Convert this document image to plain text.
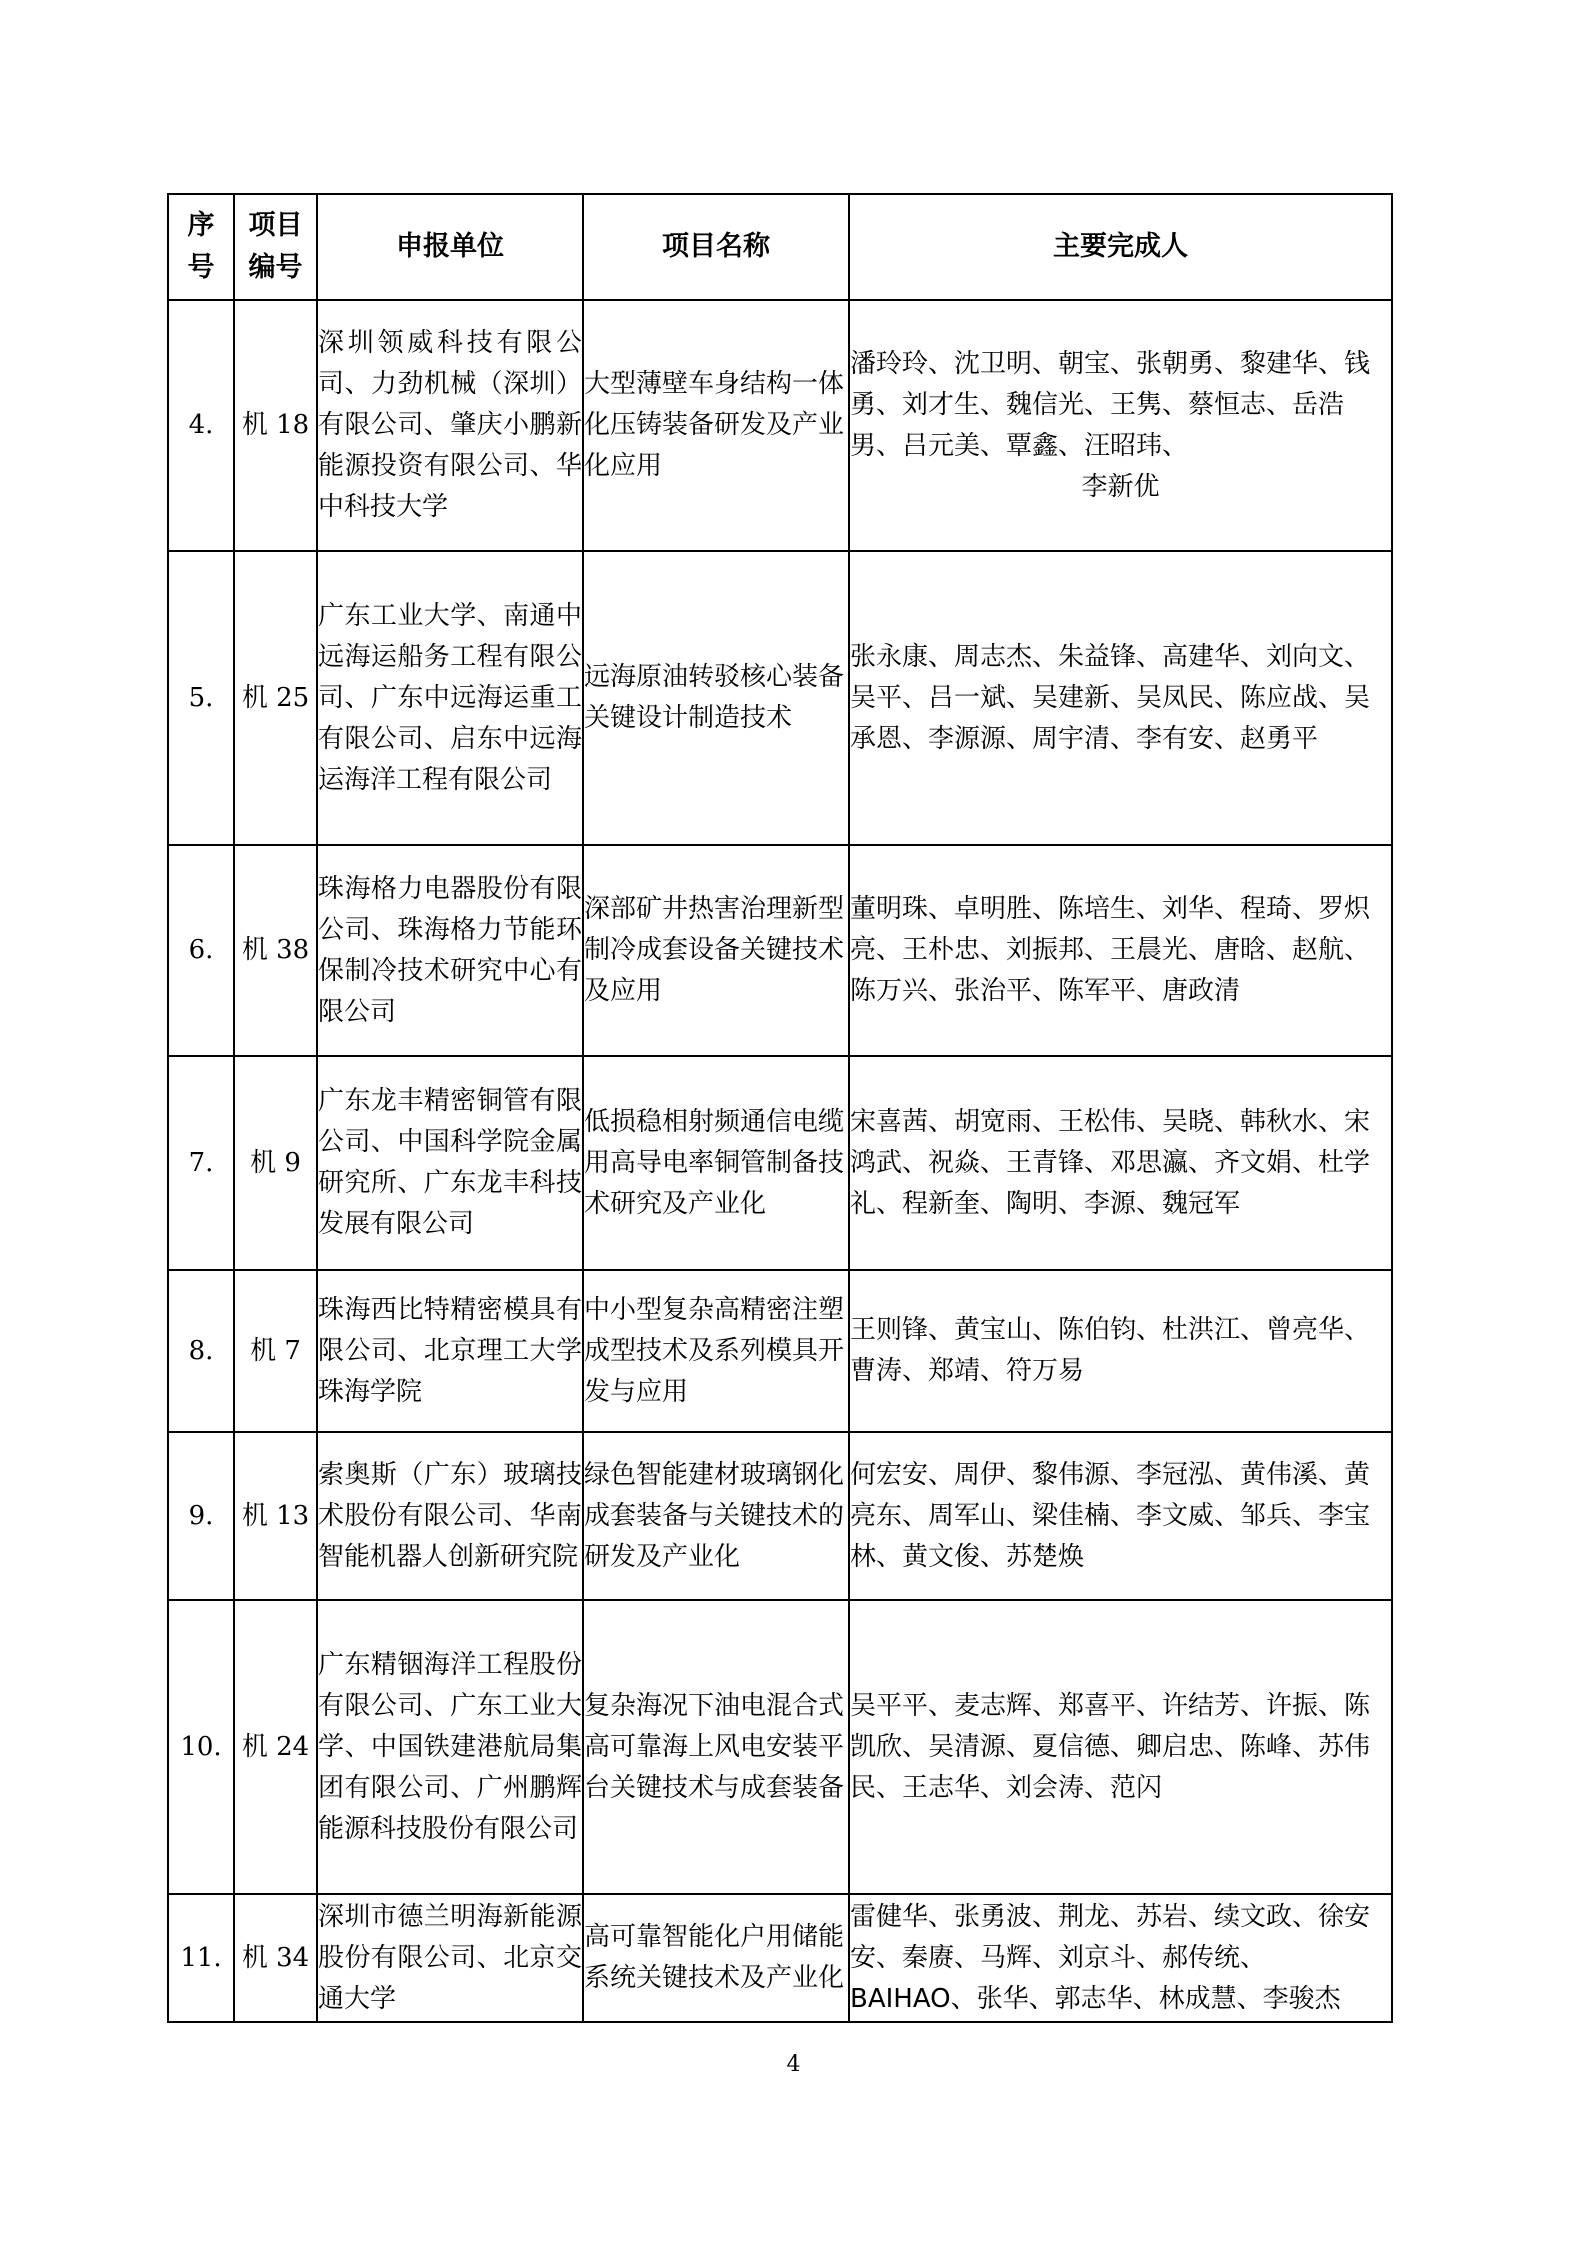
序号	项目编号	申报单位	项目名称	主要完成人

4.	机 18	深圳领威科技有限公司、力劲机械（深圳）有限公司、肇庆小鹏新能源投资有限公司、华中科技大学	大型薄壁车身结构一体化压铸装备研发及产业化应用	潘玲玲、沈卫明、朝宝、张朝勇、黎建华、钱勇、刘才生、魏信光、王隽、蔡恒志、岳浩男、吕元美、覃鑫、汪昭玮、
李新优

5.	机 25	广东工业大学、南通中远海运船务工程有限公司、广东中远海运重工有限公司、启东中远海运海洋工程有限公司	远海原油转驳核心装备关键设计制造技术	张永康、周志杰、朱益锋、高建华、刘向文、吴平、吕一斌、吴建新、吴凤民、陈应战、吴承恩、李源源、周宇清、李有安、赵勇平

6.	机 38	珠海格力电器股份有限公司、珠海格力节能环保制冷技术研究中心有限公司	深部矿井热害治理新型制冷成套设备关键技术及应用	董明珠、卓明胜、陈培生、刘华、程琦、罗炽亮、王朴忠、刘振邦、王晨光、唐晗、赵航、陈万兴、张治平、陈军平、唐政清

7.	机 9	广东龙丰精密铜管有限公司、中国科学院金属研究所、广东龙丰科技发展有限公司	低损稳相射频通信电缆用高导电率铜管制备技术研究及产业化	宋喜茜、胡宽雨、王松伟、吴晓、韩秋水、宋鸿武、祝焱、王青锋、邓思瀛、齐文娟、杜学礼、程新奎、陶明、李源、魏冠军

8.	机 7	珠海西比特精密模具有限公司、北京理工大学珠海学院	中小型复杂高精密注塑成型技术及系列模具开发与应用	王则锋、黄宝山、陈伯钧、杜洪江、曾亮华、曹涛、郑靖、符万易

9.	机 13	索奥斯（广东）玻璃技术股份有限公司、华南智能机器人创新研究院	绿色智能建材玻璃钢化成套装备与关键技术的研发及产业化	何宏安、周伊、黎伟源、李冠泓、黄伟溪、黄亮东、周军山、梁佳楠、李文威、邹兵、李宝林、黄文俊、苏楚焕

10.	机 24	广东精铟海洋工程股份有限公司、广东工业大学、中国铁建港航局集团有限公司、广州鹏辉能源科技股份有限公司	复杂海况下油电混合式高可靠海上风电安装平台关键技术与成套装备	吴平平、麦志辉、郑喜平、许结芳、许振、陈凯欣、吴清源、夏信德、卿启忠、陈峰、苏伟民、王志华、刘会涛、范闪

11.	机 34	深圳市德兰明海新能源股份有限公司、北京交通大学	高可靠智能化户用储能系统关键技术及产业化	雷健华、张勇波、荆龙、苏岩、续文政、徐安安、秦赓、马辉、刘京斗、郝传统、BAIHAO、张华、郭志华、林成慧、李骏杰
4
